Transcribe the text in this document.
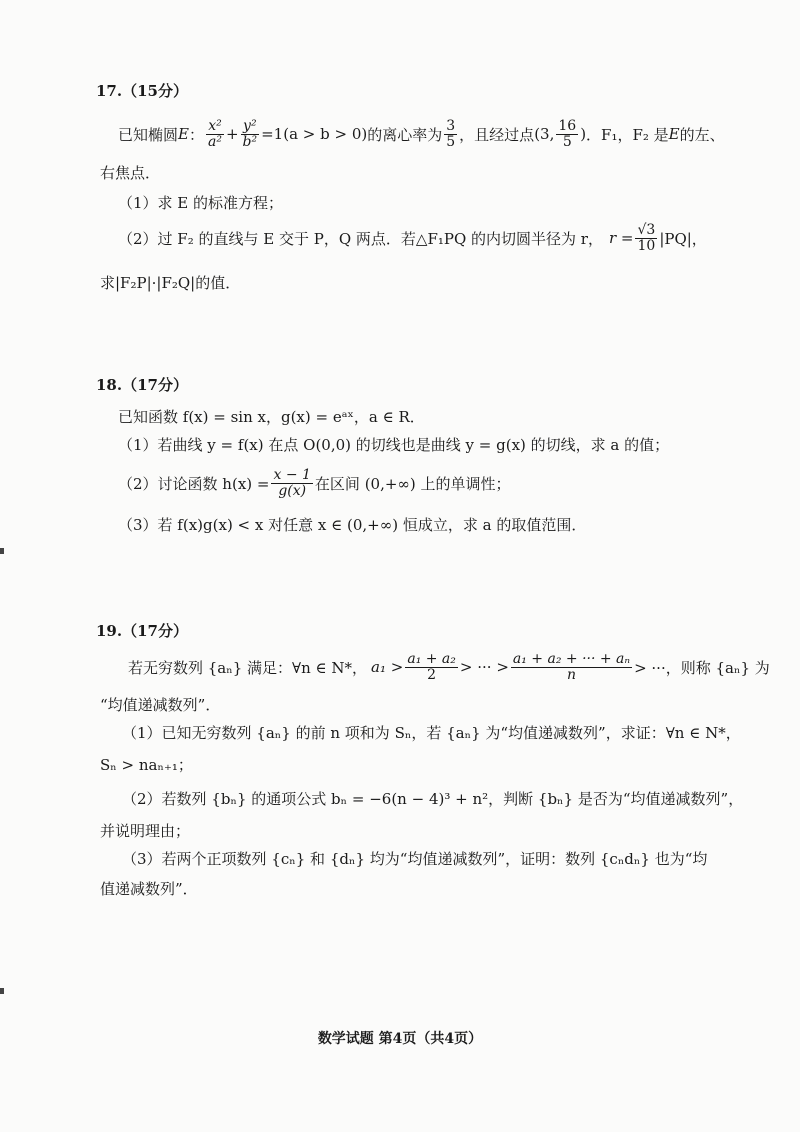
17.（15分）
已知椭圆 E ： $\frac{\text{x²}}{\text{a²}} + \frac{\text{y²}}{\text{b²}} =1(a > b > 0)$ 的离心率为 $\frac{3}{5}$ ，且经过点 (3, $\frac{16}{5}$ ) ．F₁，F₂ 是 E 的左、
右焦点．
（1）求 E 的标准方程；
（2）过 F₂ 的直线与 E 交于 P，Q 两点．若△F₁PQ 的内切圆半径为 r， $r = \frac{√3}{10} |PQ|$，
求|F₂P|·|F₂Q|的值．
18.（17分）
已知函数 f(x) = sin x，g(x) = eᵃˣ，a ∈ R．
（1）若曲线 y = f(x) 在点 O(0,0) 的切线也是曲线 y = g(x) 的切线，求 a 的值；
（2）讨论函数 $h(x) = \frac{x - 1}{g(x)}$ 在区间 (0,+∞) 上的单调性；
（3）若 f(x)g(x) < x 对任意 x ∈ (0,+∞) 恒成立，求 a 的取值范围．
19.（17分）
若无穷数列 {aₙ} 满足：∀n ∈ N*， $a_1 > \frac{\text{a₁ + a₂}}{2}$ > ··· > $\frac{\text{a₁ + a₂ + ··· + aₙ}}{n}$ > ···，则称 {aₙ} 为
“均值递减数列”．
（1）已知无穷数列 {aₙ} 的前 n 项和为 Sₙ，若 {aₙ} 为“均值递减数列”，求证：∀n ∈ N*，
Sₙ > naₙ₊₁；
（2）若数列 {bₙ} 的通项公式 bₙ = −6(n − 4)³ + n²，判断 {bₙ} 是否为“均值递减数列”，
并说明理由；
（3）若两个正项数列 {cₙ} 和 {dₙ} 均为“均值递减数列”，证明：数列 {cₙdₙ} 也为“均
值递减数列”．
数学试题 第4页（共4页）
